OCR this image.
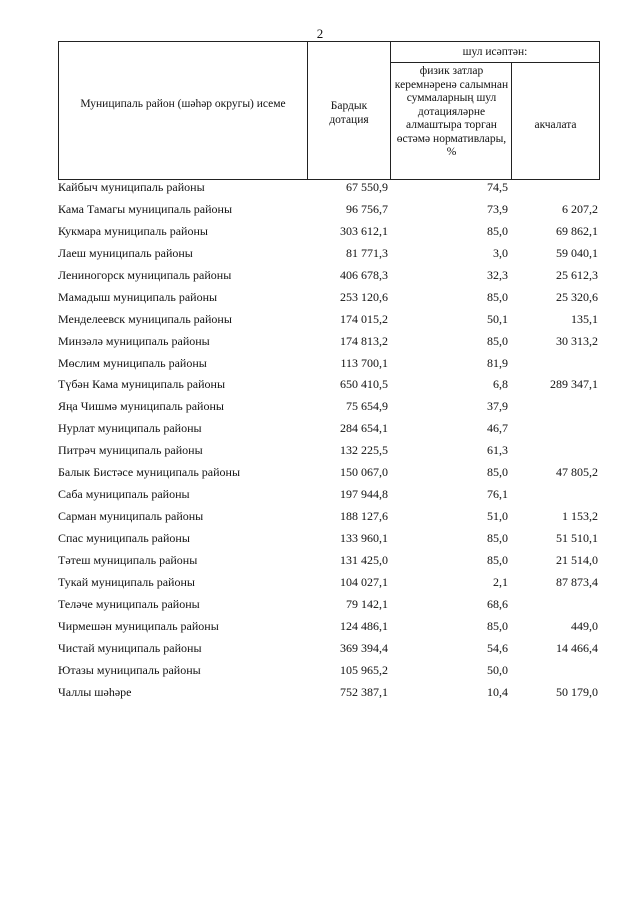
2
Муниципаль район (шәһәр округы) исеме	Бардык дотация
шул исәптән:
физик затлар керемнәренә салымнан суммаларның шул дотацияләрне алмаштыра торган өстәмә нормативлары, %
акчалата
Кайбыч муниципаль районы	67 550,9	74,5
Кама Тамагы муниципаль районы	96 756,7	73,9	6 207,2
Кукмара муниципаль районы	303 612,1	85,0	69 862,1
Лаеш муниципаль районы	81 771,3	3,0	59 040,1
Лениногорск муниципаль районы	406 678,3	32,3	25 612,3
Мамадыш муниципаль районы	253 120,6	85,0	25 320,6
Менделеевск муниципаль районы	174 015,2	50,1	135,1
Минзәлә муниципаль районы	174 813,2	85,0	30 313,2
Мөслим муниципаль районы	113 700,1	81,9
Түбән Кама муниципаль районы	650 410,5	6,8	289 347,1
Яңа Чишмә муниципаль районы	75 654,9	37,9
Нурлат муниципаль районы	284 654,1	46,7
Питрәч муниципаль районы	132 225,5	61,3
Балык Бистәсе муниципаль районы	150 067,0	85,0	47 805,2
Саба муниципаль районы	197 944,8	76,1
Сарман муниципаль районы	188 127,6	51,0	1 153,2
Спас муниципаль районы	133 960,1	85,0	51 510,1
Тәтеш муниципаль районы	131 425,0	85,0	21 514,0
Тукай муниципаль районы	104 027,1	2,1	87 873,4
Теләче муниципаль районы	79 142,1	68,6
Чирмешән муниципаль районы	124 486,1	85,0	449,0
Чистай муниципаль районы	369 394,4	54,6	14 466,4
Ютазы муниципаль районы	105 965,2	50,0
Чаллы шәһәре	752 387,1	10,4	50 179,0
